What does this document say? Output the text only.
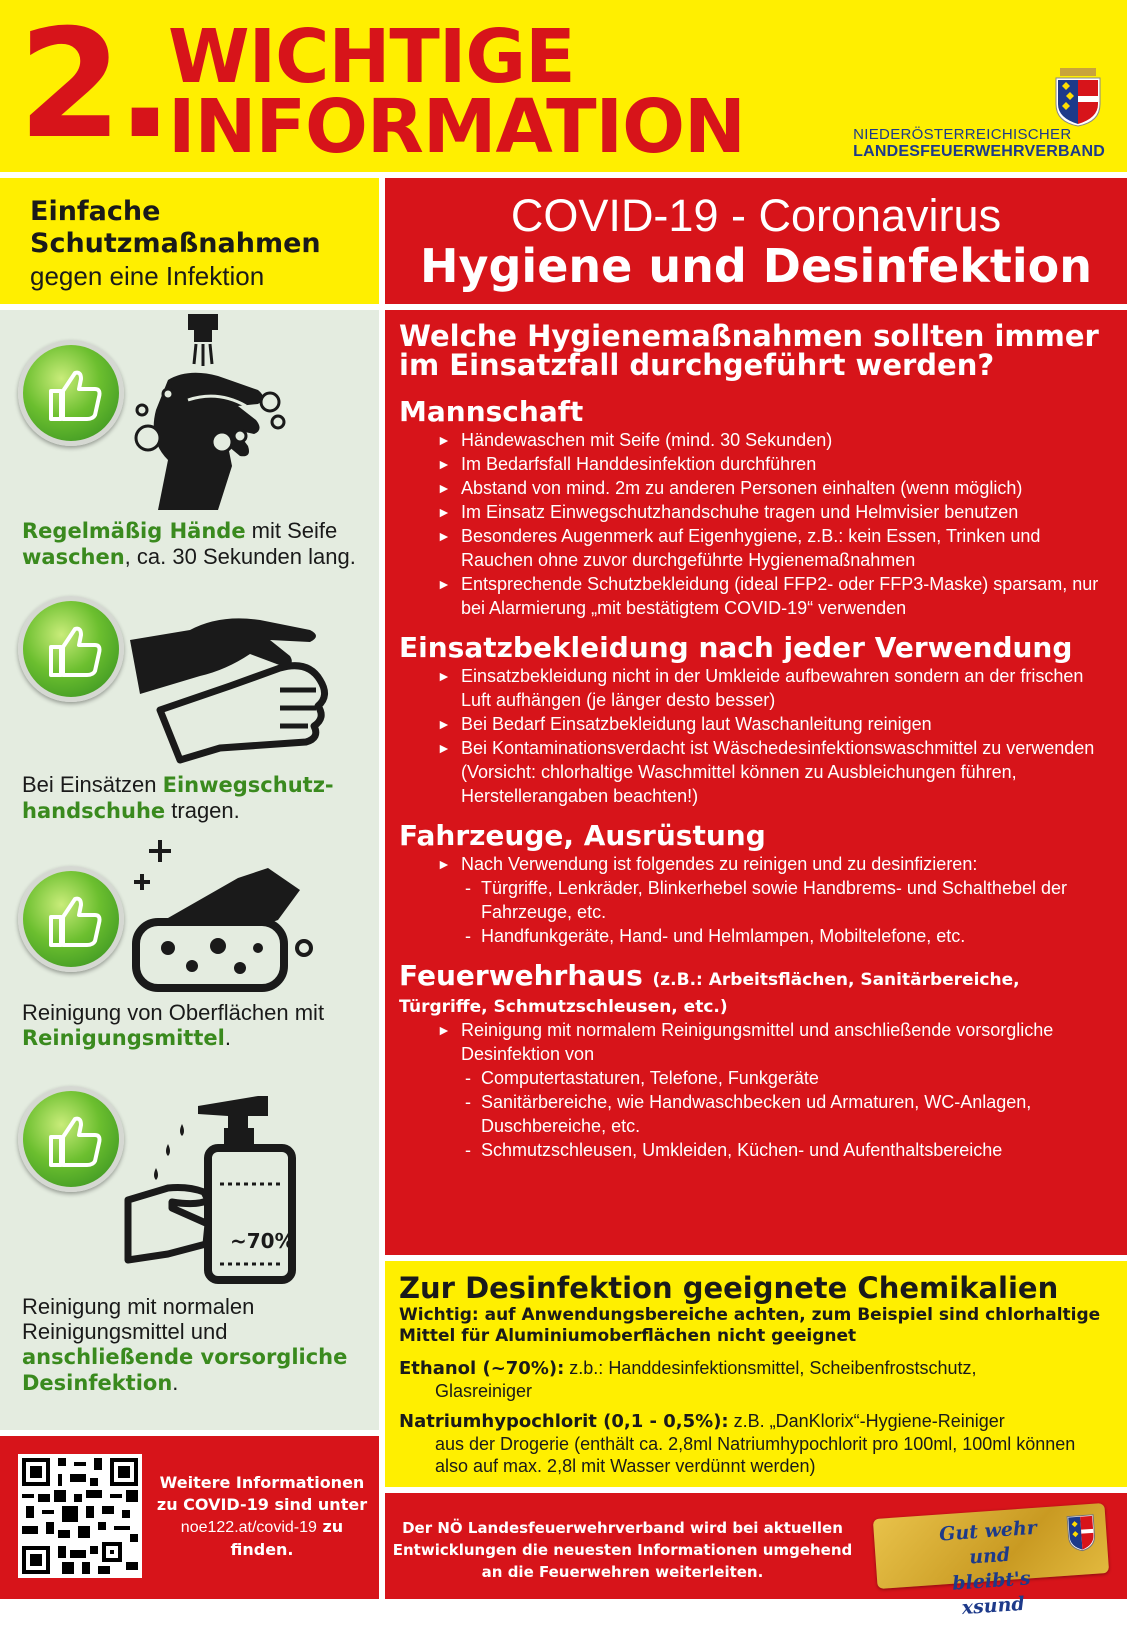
2. WICHTIGE
INFORMATION	NIEDERÖSTERREICHISCHER
LANDESFEUERWEHRVERBAND
Einfache Schutzmaßnahmen
gegen eine Infektion
COVID-19 - Coronavirus
Hygiene und Desinfektion
Regelmäßig Hände mit Seife waschen, ca. 30 Sekunden lang.
Bei Einsätzen Einwegschutz-handschuhe tragen.
Reinigung von Oberflächen mit Reinigungsmittel.
~70%
Reinigung mit normalen Reinigungsmittel und anschließende vorsorgliche Desinfektion.
Welche Hygienemaßnahmen sollten immer im Einsatzfall durchgeführt werden?
Mannschaft
► Händewaschen mit Seife (mind. 30 Sekunden)
► Im Bedarfsfall Handdesinfektion durchführen
► Abstand von mind. 2m zu anderen Personen einhalten (wenn möglich)
► Im Einsatz Einwegschutzhandschuhe tragen und Helmvisier benutzen
► Besonderes Augenmerk auf Eigenhygiene, z.B.: kein Essen, Trinken und Rauchen ohne zuvor durchgeführte Hygienemaßnahmen
► Entsprechende Schutzbekleidung (ideal FFP2- oder FFP3-Maske) sparsam, nur bei Alarmierung „mit bestätigtem COVID-19“ verwenden
Einsatzbekleidung nach jeder Verwendung
► Einsatzbekleidung nicht in der Umkleide aufbewahren sondern an der frischen Luft aufhängen (je länger desto besser)
► Bei Bedarf Einsatzbekleidung laut Waschanleitung reinigen
► Bei Kontaminationsverdacht ist Wäschedesinfektionswaschmittel zu verwenden (Vorsicht: chlorhaltige Waschmittel können zu Ausbleichungen führen, Herstellerangaben beachten!)
Fahrzeuge, Ausrüstung
► Nach Verwendung ist folgendes zu reinigen und zu desinfizieren:
- Türgriffe, Lenkräder, Blinkerhebel sowie Handbrems- und Schalthebel der Fahrzeuge, etc.
- Handfunkgeräte, Hand- und Helmlampen, Mobiltelefone, etc.
Feuerwehrhaus (z.B.: Arbeitsflächen, Sanitärbereiche,
Türgriffe, Schmutzschleusen, etc.)
► Reinigung mit normalem Reinigungsmittel und anschließende vorsorgliche Desinfektion von
- Computertastaturen, Telefone, Funkgeräte
- Sanitärbereiche, wie Handwaschbecken ud Armaturen, WC-Anlagen, Duschbereiche, etc.
- Schmutzschleusen, Umkleiden, Küchen- und Aufenthaltsbereiche
Zur Desinfektion geeignete Chemikalien
Wichtig: auf Anwendungsbereiche achten, zum Beispiel sind chlorhaltige Mittel für Aluminiumoberflächen nicht geeignet
Ethanol (~70%): z.b.: Handdesinfektionsmittel, Scheibenfrostschutz,
Glasreiniger
Natriumhypochlorit (0,1 - 0,5%): z.B. „DanKlorix“-Hygiene-Reiniger
aus der Drogerie (enthält ca. 2,8ml Natriumhypochlorit pro 100ml, 100ml können also auf max. 2,8l mit Wasser verdünnt werden)
Weitere Informationen zu COVID-19 sind unter
noe122.at/covid-19 zu
finden.
Der NÖ Landesfeuerwehrverband wird bei aktuellen Entwicklungen die neuesten Informationen umgehend an die Feuerwehren weiterleiten.
Gut wehr und
bleibt's xsund
